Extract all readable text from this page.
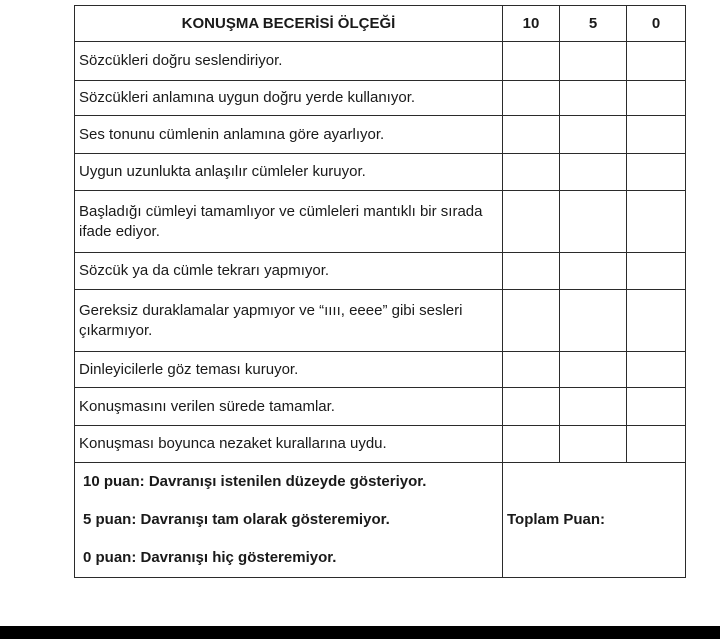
KONUŞMA BECERİSİ ÖLÇEĞİ	10	5	0
Sözcükleri doğru seslendiriyor.			
Sözcükleri anlamına uygun doğru yerde kullanıyor.			
Ses tonunu cümlenin anlamına göre ayarlıyor.			
Uygun uzunlukta anlaşılır cümleler kuruyor.			
Başladığı cümleyi tamamlıyor ve cümleleri mantıklı bir sırada ifade ediyor.			
Sözcük ya da cümle tekrarı yapmıyor.			
Gereksiz duraklamalar yapmıyor ve “ıııı, eeee” gibi sesleri çıkarmıyor.			
Dinleyicilerle göz teması kuruyor.			
Konuşmasını verilen sürede tamamlar.			
Konuşması boyunca nezaket kurallarına uydu.			

10 puan: Davranışı istenilen düzeyde gösteriyor.
5 puan: Davranışı tam olarak gösteremiyor.
0 puan: Davranışı hiç gösteremiyor.	Toplam Puan:		
